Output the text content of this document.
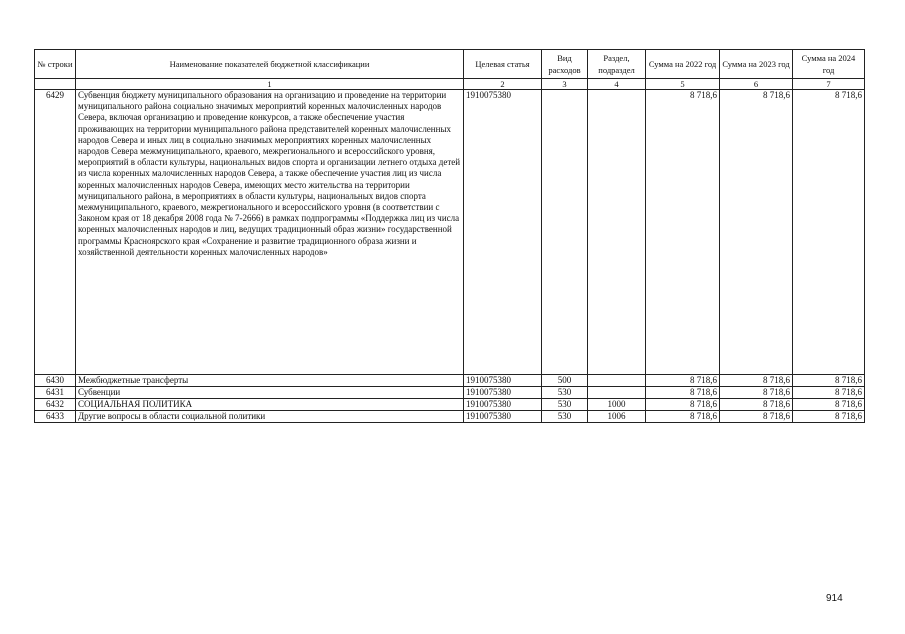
№ строки	Наименование показателей бюджетной классификации	Целевая статья	Вид расходов	Раздел, подраздел	Сумма на 2022 год	Сумма на 2023 год	Сумма на 2024 год
	1	2	3	4	5	6	7
6429	Субвенция бюджету муниципального образования на организацию и проведение на территории муниципального района социально значимых мероприятий коренных малочисленных народов Севера, включая организацию и проведение конкурсов, а также обеспечение участия проживающих на территории муниципального района представителей коренных малочисленных народов Севера и иных лиц в социально значимых мероприятиях коренных малочисленных народов Севера межмуниципального, краевого, межрегионального и всероссийского уровня, мероприятий в области культуры, национальных видов спорта и организации летнего отдыха детей из числа коренных малочисленных народов Севера, а также обеспечение участия лиц из числа коренных малочисленных народов Севера, имеющих место жительства на территории муниципального района, в мероприятиях в области культуры, национальных видов спорта межмуниципального, краевого, межрегионального и всероссийского уровня (в соответствии с Законом края от 18 декабря 2008 года № 7-2666) в рамках подпрограммы «Поддержка лиц из числа коренных малочисленных народов и лиц, ведущих традиционный образ жизни» государственной программы Красноярского края «Сохранение и развитие традиционного образа жизни и хозяйственной деятельности коренных малочисленных народов»	1910075380			8 718,6	8 718,6	8 718,6
6430	Межбюджетные трансферты	1910075380	500		8 718,6	8 718,6	8 718,6
6431	Субвенции	1910075380	530		8 718,6	8 718,6	8 718,6
6432	СОЦИАЛЬНАЯ ПОЛИТИКА	1910075380	530	1000	8 718,6	8 718,6	8 718,6
6433	Другие вопросы в области социальной политики	1910075380	530	1006	8 718,6	8 718,6	8 718,6
914
